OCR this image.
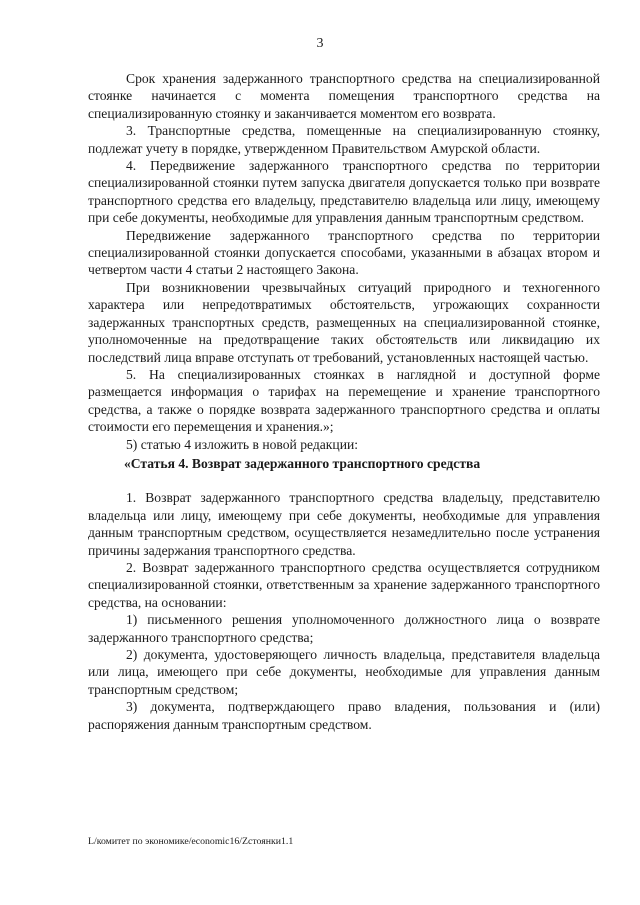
3

Срок хранения задержанного транспортного средства на специализированной стоянке начинается с момента помещения транспортного средства на специализированную стоянку и заканчивается моментом его возврата.

3. Транспортные средства, помещенные на специализированную стоянку, подлежат учету в порядке, утвержденном Правительством Амурской области.

4. Передвижение задержанного транспортного средства по территории специализированной стоянки путем запуска двигателя допускается только при возврате транспортного средства его владельцу, представителю владельца или лицу, имеющему при себе документы, необходимые для управления данным транспортным средством.

Передвижение задержанного транспортного средства по территории специализированной стоянки допускается способами, указанными в абзацах втором и четвертом части 4 статьи 2 настоящего Закона.

При возникновении чрезвычайных ситуаций природного и техногенного характера или непредотвратимых обстоятельств, угрожающих сохранности задержанных транспортных средств, размещенных на специализированной стоянке, уполномоченные на предотвращение таких обстоятельств или ликвидацию их последствий лица вправе отступать от требований, установленных настоящей частью.

5. На специализированных стоянках в наглядной и доступной форме размещается информация о тарифах на перемещение и хранение транспортного средства, а также о порядке возврата задержанного транспортного средства и оплаты стоимости его перемещения и хранения.»;

5) статью 4 изложить в новой редакции:

«Статья 4. Возврат задержанного транспортного средства

1. Возврат задержанного транспортного средства владельцу, представителю владельца или лицу, имеющему при себе документы, необходимые для управления данным транспортным средством, осуществляется незамедлительно после устранения причины задержания транспортного средства.

2. Возврат задержанного транспортного средства осуществляется сотрудником специализированной стоянки, ответственным за хранение задержанного транспортного средства, на основании:

1) письменного решения уполномоченного должностного лица о возврате задержанного транспортного средства;

2) документа, удостоверяющего личность владельца, представителя владельца или лица, имеющего при себе документы, необходимые для управления данным транспортным средством;

3) документа, подтверждающего право владения, пользования и (или) распоряжения данным транспортным средством.

L/комитет по экономике/economic16/Zстоянки1.1
